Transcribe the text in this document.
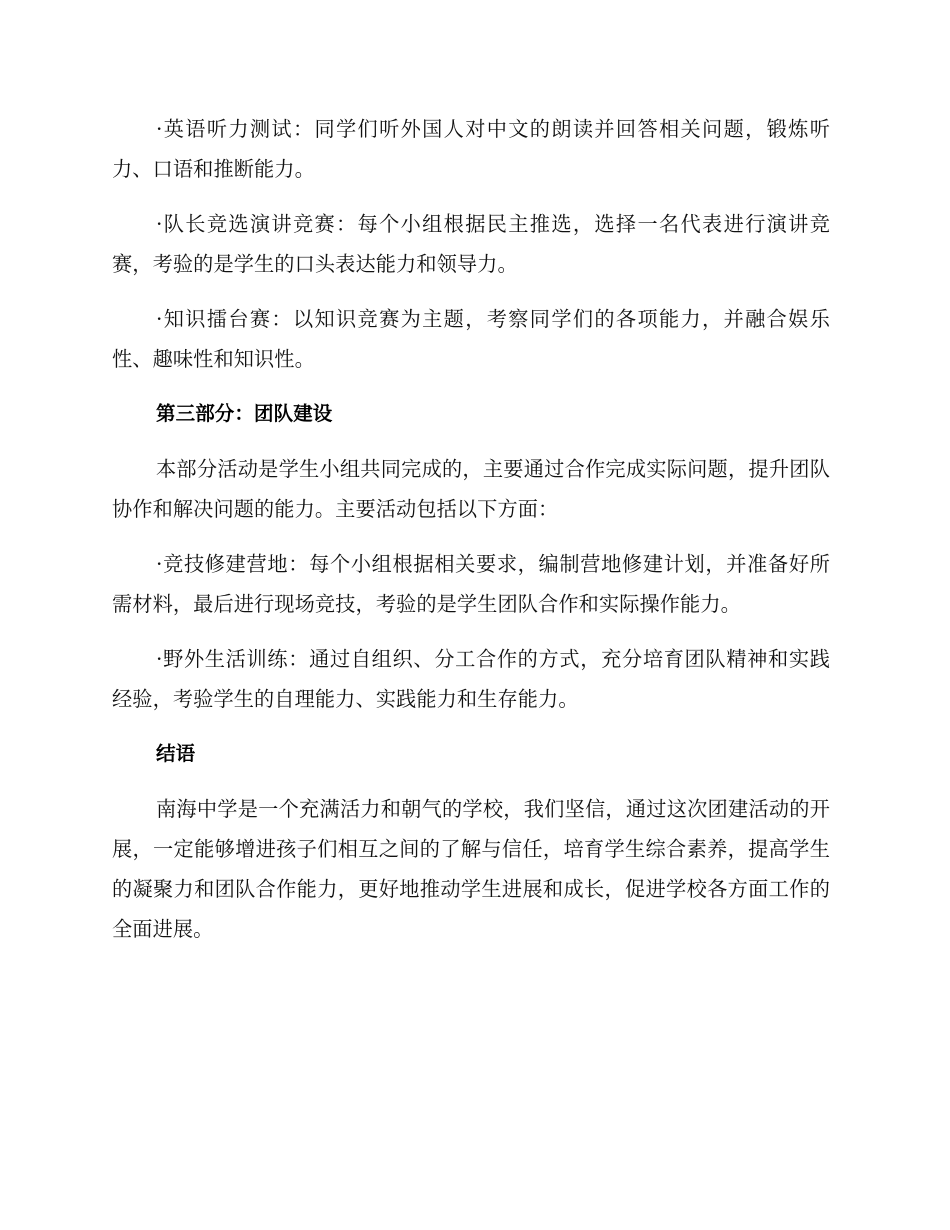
·英语听力测试：同学们听外国人对中文的朗读并回答相关问题，锻炼听力、口语和推断能力。

·队长竞选演讲竞赛：每个小组根据民主推选，选择一名代表进行演讲竞赛，考验的是学生的口头表达能力和领导力。

·知识擂台赛：以知识竞赛为主题，考察同学们的各项能力，并融合娱乐性、趣味性和知识性。

第三部分：团队建设

本部分活动是学生小组共同完成的，主要通过合作完成实际问题，提升团队协作和解决问题的能力。主要活动包括以下方面：

·竞技修建营地：每个小组根据相关要求，编制营地修建计划，并准备好所需材料，最后进行现场竞技，考验的是学生团队合作和实际操作能力。

·野外生活训练：通过自组织、分工合作的方式，充分培育团队精神和实践经验，考验学生的自理能力、实践能力和生存能力。

结语

南海中学是一个充满活力和朝气的学校，我们坚信，通过这次团建活动的开展，一定能够增进孩子们相互之间的了解与信任，培育学生综合素养，提高学生的凝聚力和团队合作能力，更好地推动学生进展和成长，促进学校各方面工作的全面进展。
